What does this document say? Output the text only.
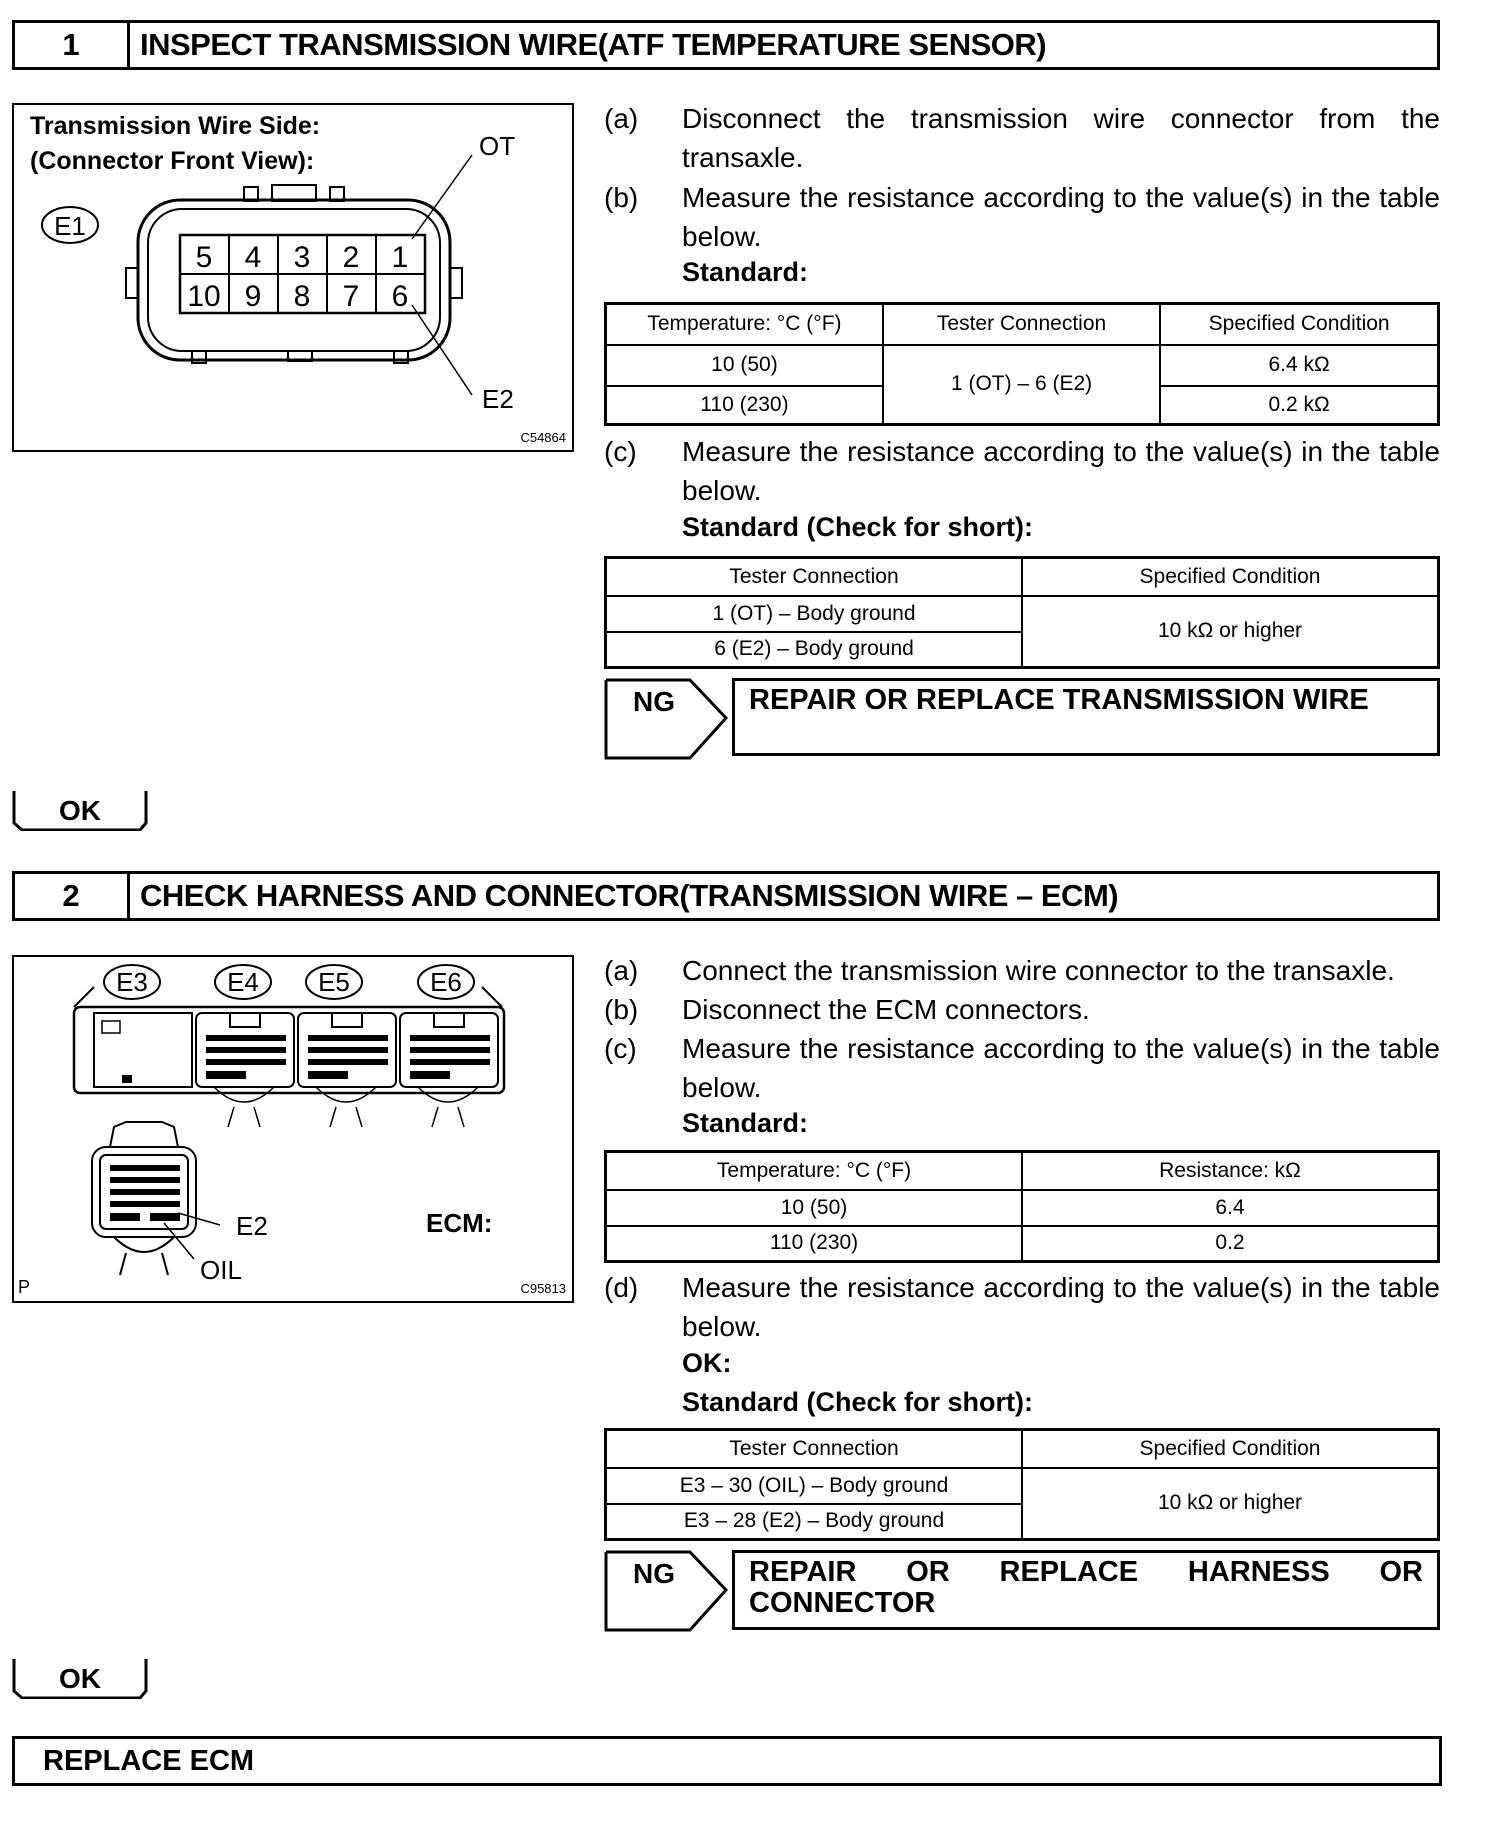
1	INSPECT TRANSMISSION WIRE(ATF TEMPERATURE SENSOR)
5 4 3 2 1
10 9 8 7 6
E1
OT
E2
Transmission Wire Side:
(Connector Front View):
C54864
(a) Disconnect the transmission wire connector from the transaxle.
(b) Measure the resistance according to the value(s) in the table below.
Standard:
Temperature: °C (°F)	Tester Connection	Specified Condition
10 (50)	1 (OT) – 6 (E2)	6.4 kΩ
110 (230)		0.2 kΩ
(c) Measure the resistance according to the value(s) in the table below.
Standard (Check for short):
Tester Connection	Specified Condition
1 (OT) – Body ground	10 kΩ or higher
6 (E2) – Body ground	
NG	REPAIR OR REPLACE TRANSMISSION WIRE
OK
2	CHECK HARNESS AND CONNECTOR(TRANSMISSION WIRE – ECM)
E3	E4 E5	E6
E2
OIL
ECM:
P	C95813
(a) Connect the transmission wire connector to the transaxle.
(b) Disconnect the ECM connectors.
(c) Measure the resistance according to the value(s) in the table below.
Standard:
Temperature: °C (°F)	Resistance: kΩ
10 (50)	6.4
110 (230)	0.2
(d) Measure the resistance according to the value(s) in the table below.
OK:
Standard (Check for short):
Tester Connection	Specified Condition
E3 – 30 (OIL) – Body ground	10 kΩ or higher
E3 – 28 (E2) – Body ground	
NG	REPAIR OR REPLACE HARNESS OR
CONNECTOR
OK
REPLACE ECM
